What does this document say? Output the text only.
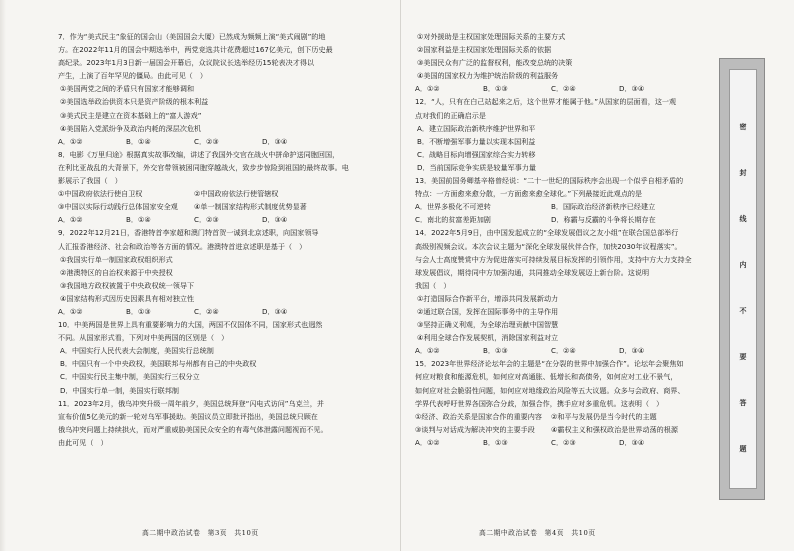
7．作为“美式民主”象征的国会山（美国国会大厦）已然成为频频上演“美式闹剧”的地
方。在2022年11月的国会中期选举中，两党竞选共计花费超过167亿美元，创下历史最
高纪录。2023年1月3日新一届国会开幕后，众议院议长选举经历15轮表决才得以
产生，上演了百年罕见的僵局。由此可见（　）
①美国两党之间的矛盾只有国家才能够调和
②美国选举政治供资本只是资产阶级的根本利益
③美式民主是建立在资本基础上的“富人游戏”
④美国陷入党派纷争及政治内耗的深层次危机
A．①②	B．①④	C．②③	D．③④
8．电影《万里归途》根据真实故事改编，讲述了我国外交官在战火中拼命护送同胞回国，
在利比亚战乱的大背景下，外交官带领被困同胞穿越战火，致步步惊险到祖国的最终故事。电
影展示了我国（　）
①中国政府依法行使自卫权	②中国政府依法行使管辖权
③中国以实际行动践行总体国家安全观	④单一制国家结构形式制度优势显著
A．①②	B．①④	C．②③	D．③④
9．2022年12月21日，香港特首李家超和澳门特首贺一诚到北京述职，向国家领导
人汇报香港经济、社会和政治等各方面的情况。港澳特首进京述职是基于（　）
①我国实行单一制国家政权组织形式
②港澳特区的自治权来源于中央授权
③我国地方政权被置于中央政权统一领导下
④国家结构形式因历史因素具有相对独立性
A．①②	B．①③	C．②④	D．③④
10．中美两国是世界上具有重要影响力的大国，两国不仅国体不同，国家形式也迥然
不同。从国家形式看，下列对中美两国的区别是（　）
A．中国实行人民代表大会制度，美国实行总统制
B．中国只有一个中央政权，美国联邦与州都有自己的中央政权
C．中国实行民主集中制，美国实行三权分立
D．中国实行单一制，美国实行联邦制
11．2023年2月，俄乌冲突升级一周年前夕，美国总统拜登“闪电式访问”乌克兰，并
宣布价值5亿美元的新一轮对乌军事援助。美国议员立即批评指出，美国总统只顾在
俄乌冲突问题上持续拱火，而对严重威胁美国民众安全的有毒气体泄露问题视而不见。
由此可见（　）
高二期中政治试卷　第3页　共10页
①对外援助是主权国家处理国际关系的主要方式
②国家利益是主权国家处理国际关系的依据
③美国民众有广泛的监督权利，能改变总统的决策
④美国的国家权力为维护统治阶级的利益服务
A．①②	B．①③	C．②④	D．③④
12．“人，只有在白己站起来之后，这个世界才能属于他。”从国家的层面看，这一观
点对我们的正确启示是
A．建立国际政治新秩序维护世界和平
B．不断增强军事力量以实现本国利益
C．战略目标向增强国家综合实力转移
D．当前国际竞争实质是较量军事力量
13．美国前国务卿基辛格曾经说：“二十一世纪的国际秩序会出现一个似乎自相矛盾的
特点：一方面愈来愈分散，一方面愈来愈全球化。”下列最接近此观点的是
A．世界多极化不可逆转	B．国际政治经济新秩序已经建立
C．南北的贫富差距加剧	D．称霸与反霸的斗争将长期存在
14．2022年5月9日，由中国发起成立的“全球发展倡议之友小组”在联合国总部举行
高级别视频会议。本次会议主题为“深化全球发展伙伴合作，加快2030年议程落实”。
与会人士高度赞赏中方为促进落实可持续发展目标发挥的引领作用，支持中方大力支持全
球发展倡议，期待同中方加强沟通，共同推动全球发展迈上新台阶。这说明
我国（　）
①打造国际合作新平台，增添共同发展新动力
②通过联合国，发挥在国际事务中的主导作用
③坚持正确义利观，为全球治理贡献中国智慧
④利用全球合作发展契机，消除国家利益对立
A．①②	B．①③	C．②④	D．③④
15．2023年世界经济论坛年会的主题是“在分裂的世界中加强合作”。论坛年会聚焦如
何应对粮食和能源危机，如何应对高通胀、低增长和高债务，如何应对工业不景气，
如何应对社会脆弱性问题，如何应对地缘政治风险等五大议题。众多与会政府、商界、
学界代表呼吁世界各国弥合分歧，加强合作，携手应对多重危机。这表明（　）
①经济、政治关系是国家合作的重要内容	②和平与发展仍是当今时代的主题
③谈判与对话成为解决冲突的主要手段	④霸权主义和强权政治是世界动荡的根源
A．①②	B．①③	C．②③	D．③④
高二期中政治试卷　第4页　共10页
密
封
线
内
不
要
答
题
